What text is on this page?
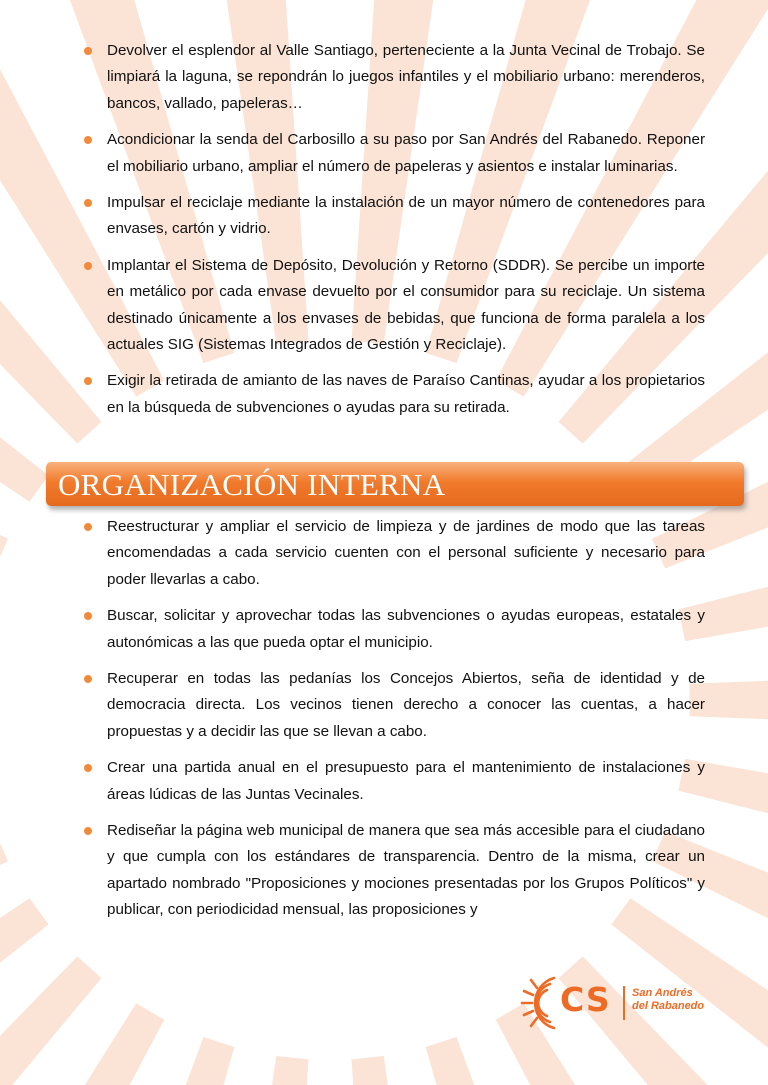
Devolver el esplendor al Valle Santiago, perteneciente a la Junta Vecinal de Trobajo. Se limpiará la laguna, se repondrán lo juegos infantiles y el mobiliario urbano: merenderos, bancos, vallado, papeleras…
Acondicionar la senda del Carbosillo a su paso por San Andrés del Rabanedo. Reponer el mobiliario urbano, ampliar el número de papeleras y asientos e instalar luminarias.
Impulsar el reciclaje mediante la instalación de un mayor número de contenedores para envases, cartón y vidrio.
Implantar el Sistema de Depósito, Devolución y Retorno (SDDR). Se percibe un importe en metálico por cada envase devuelto por el consumidor para su reciclaje. Un sistema destinado únicamente a los envases de bebidas, que funciona de forma paralela a los actuales SIG (Sistemas Integrados de Gestión y Reciclaje).
Exigir la retirada de amianto de las naves de Paraíso Cantinas, ayudar a los propietarios en la búsqueda de subvenciones o ayudas para su retirada.
ORGANIZACIÓN INTERNA
Reestructurar y ampliar el servicio de limpieza y de jardines de modo que las tareas encomendadas a cada servicio cuenten con el personal suficiente y necesario para poder llevarlas a cabo.
Buscar, solicitar y aprovechar todas las subvenciones o ayudas europeas, estatales y autonómicas a las que pueda optar el municipio.
Recuperar en todas las pedanías los Concejos Abiertos, seña de identidad y de democracia directa. Los vecinos tienen derecho a conocer las cuentas, a hacer propuestas y a decidir las que se llevan a cabo.
Crear una partida anual en el presupuesto para el mantenimiento de instalaciones y áreas lúdicas de las Juntas Vecinales.
Rediseñar la página web municipal de manera que sea más accesible para el ciudadano y que cumpla con los estándares de transparencia. Dentro de la misma, crear un apartado nombrado "Proposiciones y mociones presentadas por los Grupos Políticos" y publicar, con periodicidad mensual, las proposiciones y
CS San Andrés
del Rabanedo
